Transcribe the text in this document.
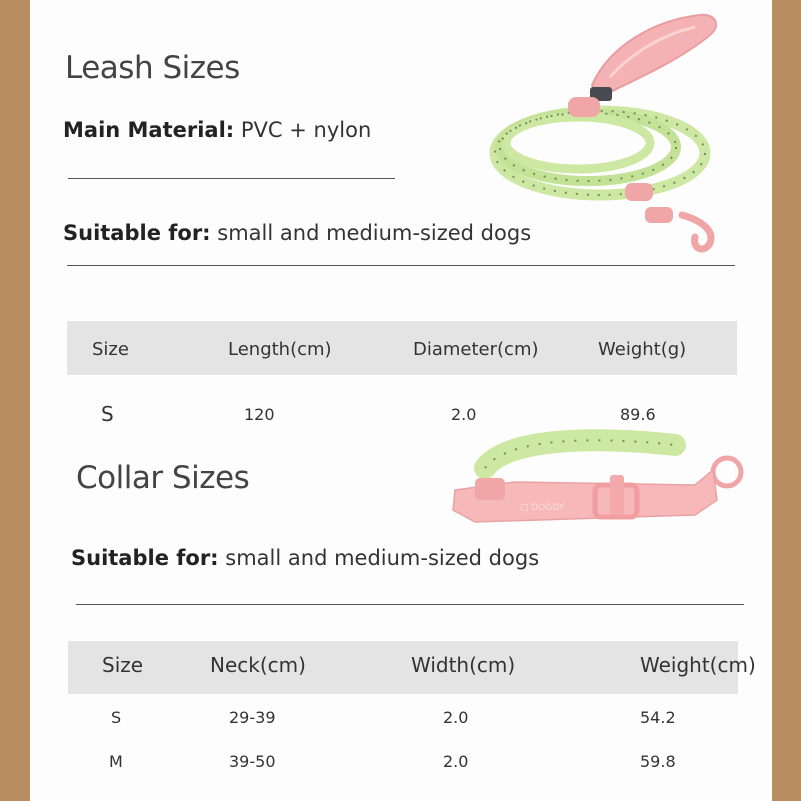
Leash Sizes
Main Material: PVC + nylon
Suitable for: small and medium-sized dogs
Size	Length(cm)	Diameter(cm)	Weight(g)
S	120	2.0	89.6
Collar Sizes
▢ DOGGY
Suitable for: small and medium-sized dogs
Size	Neck(cm)	Width(cm)	Weight(cm)
S	29-39	2.0	54.2
M	39-50	2.0	59.8
